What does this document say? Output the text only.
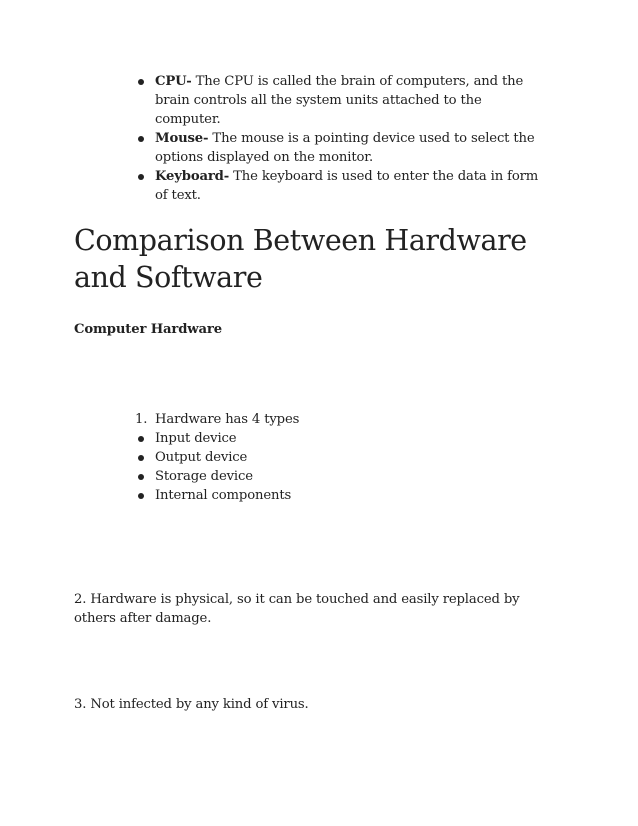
CPU- The CPU is called the brain of computers, and the brain controls all the system units attached to the computer.
Mouse- The mouse is a pointing device used to select the options displayed on the monitor.
Keyboard- The keyboard is used to enter the data in form of text.
Comparison Between Hardware and Software
Computer Hardware
1. Hardware has 4 types
Input device
Output device
Storage device
Internal components

2. Hardware is physical, so it can be touched and easily replaced by others after damage.

3. Not infected by any kind of virus.
